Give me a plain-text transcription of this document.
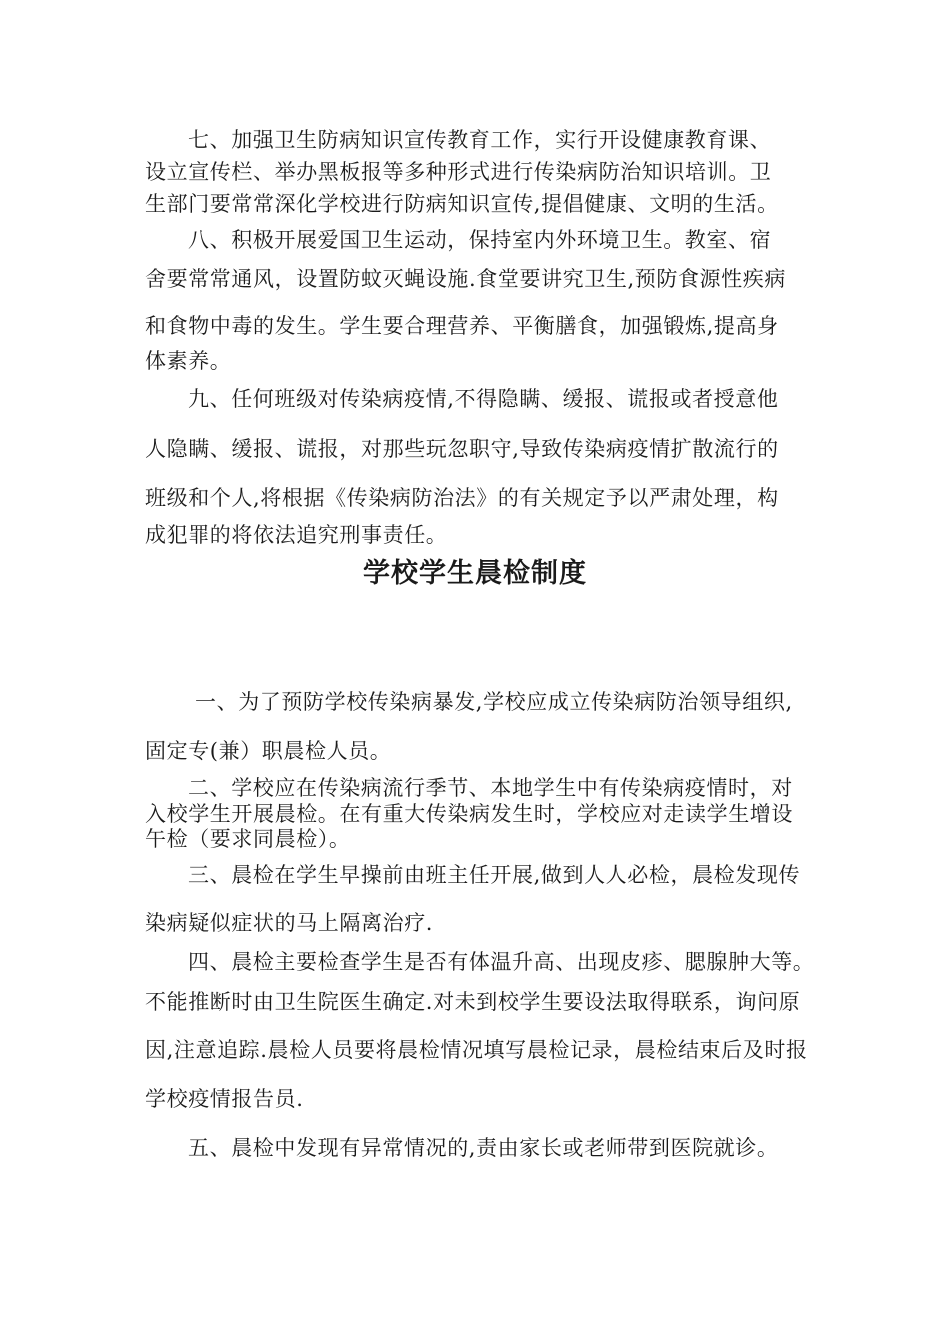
七、加强卫生防病知识宣传教育工作，实行开设健康教育课、
设立宣传栏、举办黑板报等多种形式进行传染病防治知识培训。卫
生部门要常常深化学校进行防病知识宣传,提倡健康、文明的生活。
八、积极开展爱国卫生运动，保持室内外环境卫生。教室、宿
舍要常常通风，设置防蚊灭蝇设施.食堂要讲究卫生,预防食源性疾病
和食物中毒的发生。学生要合理营养、平衡膳食，加强锻炼,提高身
体素养。
九、任何班级对传染病疫情,不得隐瞒、缓报、谎报或者授意他
人隐瞒、缓报、谎报，对那些玩忽职守,导致传染病疫情扩散流行的
班级和个人,将根据《传染病防治法》的有关规定予以严肃处理，构
成犯罪的将依法追究刑事责任。
学校学生晨检制度
一、为了预防学校传染病暴发,学校应成立传染病防治领导组织,
固定专(兼）职晨检人员。
二、学校应在传染病流行季节、本地学生中有传染病疫情时，对
入校学生开展晨检。在有重大传染病发生时，学校应对走读学生增设
午检（要求同晨检）。
三、晨检在学生早操前由班主任开展,做到人人必检，晨检发现传
染病疑似症状的马上隔离治疗.
四、晨检主要检查学生是否有体温升高、出现皮疹、腮腺肿大等。
不能推断时由卫生院医生确定.对未到校学生要设法取得联系，询问原
因,注意追踪.晨检人员要将晨检情况填写晨检记录，晨检结束后及时报
学校疫情报告员.
五、晨检中发现有异常情况的,责由家长或老师带到医院就诊。
